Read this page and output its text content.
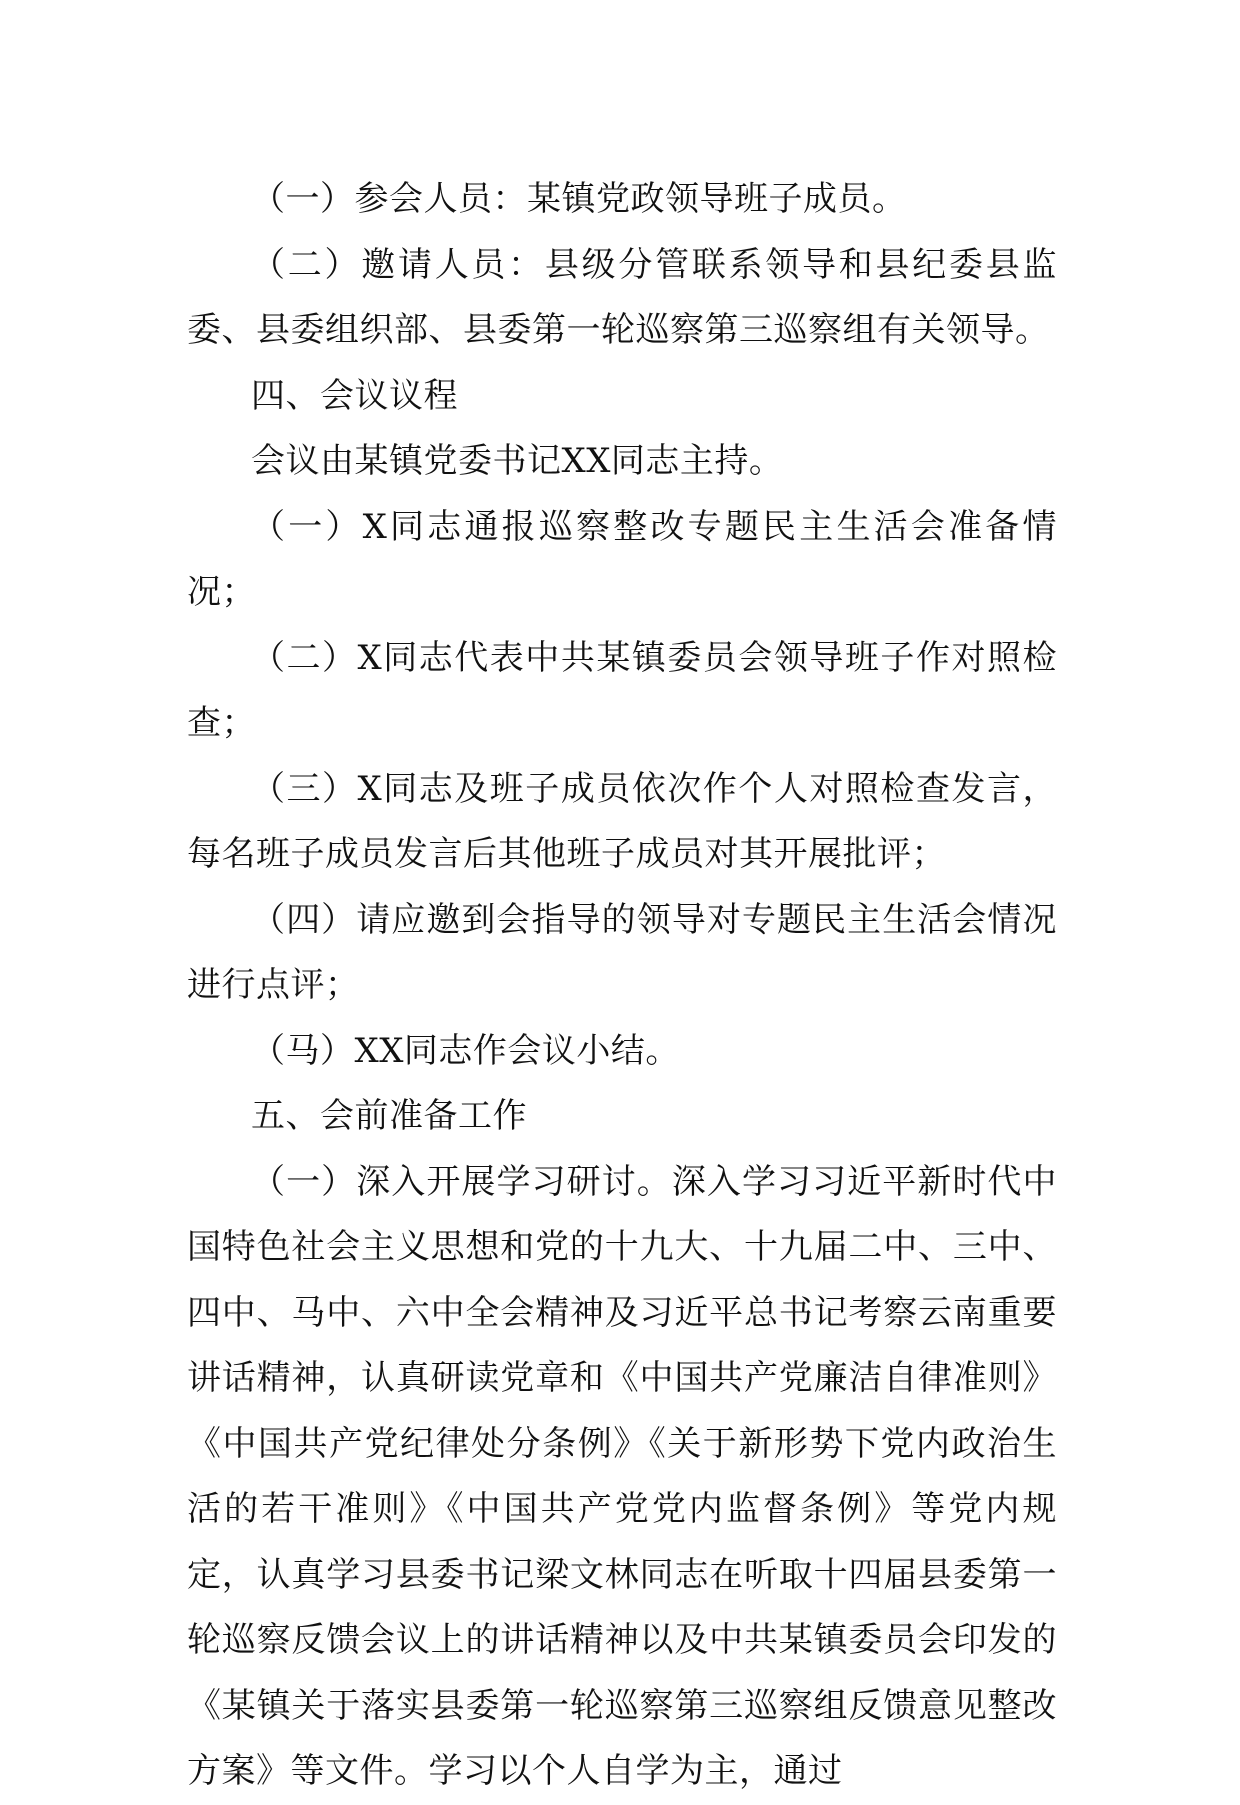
（一）参会人员：某镇党政领导班子成员。

（二）邀请人员：县级分管联系领导和县纪委县监委、县委组织部、县委第一轮巡察第三巡察组有关领导。

四、会议议程

会议由某镇党委书记XX同志主持。

（一）X同志通报巡察整改专题民主生活会准备情况；

（二）X同志代表中共某镇委员会领导班子作对照检查；

（三）X同志及班子成员依次作个人对照检查发言，每名班子成员发言后其他班子成员对其开展批评；

（四）请应邀到会指导的领导对专题民主生活会情况进行点评；

（马）XX同志作会议小结。

五、会前准备工作

（一）深入开展学习研讨。深入学习习近平新时代中国特色社会主义思想和党的十九大、十九届二中、三中、四中、马中、六中全会精神及习近平总书记考察云南重要讲话精神，认真研读党章和《中国共产党廉洁自律准则》《中国共产党纪律处分条例》《关于新形势下党内政治生活的若干准则》《中国共产党党内监督条例》等党内规定，认真学习县委书记梁文林同志在听取十四届县委第一轮巡察反馈会议上的讲话精神以及中共某镇委员会印发的《某镇关于落实县委第一轮巡察第三巡察组反馈意见整改方案》等文件。学习以个人自学为主，通过
